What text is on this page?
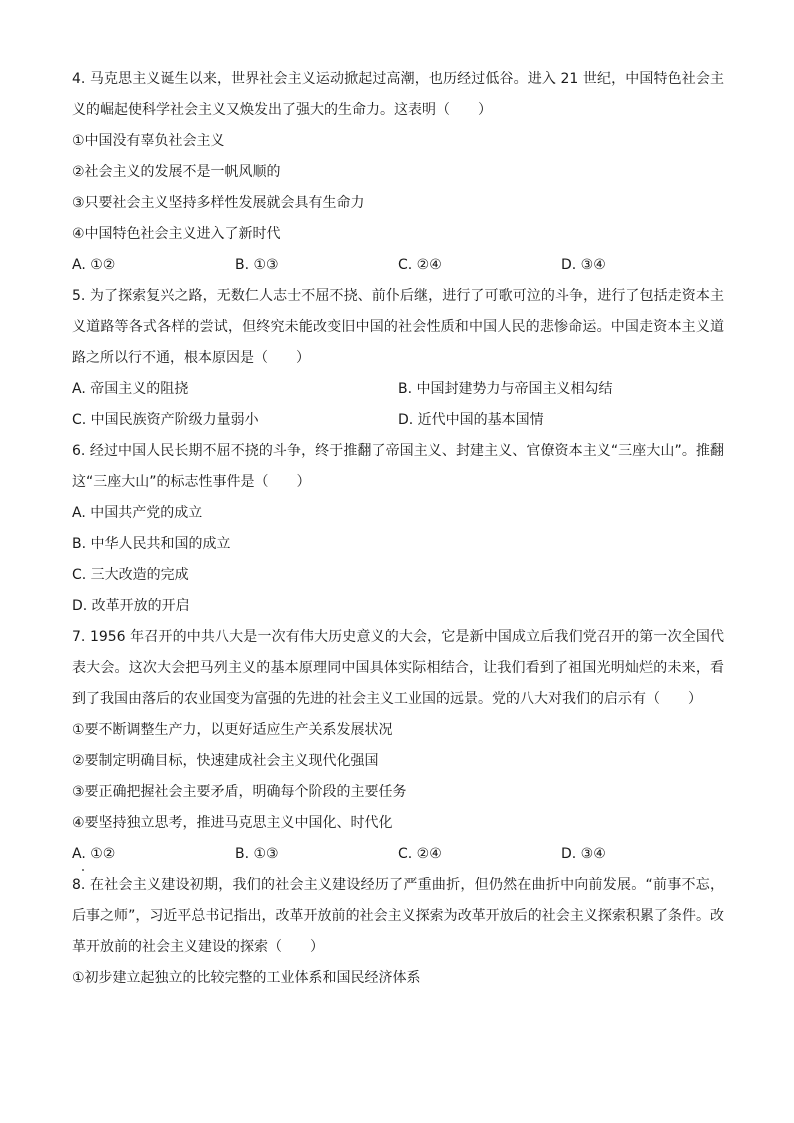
4. 马克思主义诞生以来，世界社会主义运动掀起过高潮，也历经过低谷。进入 21 世纪，中国特色社会主义的崛起使科学社会主义又焕发出了强大的生命力。这表明（　　）
①中国没有辜负社会主义
②社会主义的发展不是一帆风顺的
③只要社会主义坚持多样性发展就会具有生命力
④中国特色社会主义进入了新时代
A. ①②	B. ①③	C. ②④	D. ③④
5. 为了探索复兴之路，无数仁人志士不屈不挠、前仆后继，进行了可歌可泣的斗争，进行了包括走资本主义道路等各式各样的尝试，但终究未能改变旧中国的社会性质和中国人民的悲惨命运。中国走资本主义道路之所以行不通，根本原因是（　　）
A. 帝国主义的阻挠	B. 中国封建势力与帝国主义相勾结
C. 中国民族资产阶级力量弱小	D. 近代中国的基本国情
6. 经过中国人民长期不屈不挠的斗争，终于推翻了帝国主义、封建主义、官僚资本主义“三座大山”。推翻这“三座大山”的标志性事件是（　　）
A. 中国共产党的成立
B. 中华人民共和国的成立
C. 三大改造的完成
D. 改革开放的开启
7. 1956 年召开的中共八大是一次有伟大历史意义的大会，它是新中国成立后我们党召开的第一次全国代表大会。这次大会把马列主义的基本原理同中国具体实际相结合，让我们看到了祖国光明灿烂的未来，看到了我国由落后的农业国变为富强的先进的社会主义工业国的远景。党的八大对我们的启示有（　　）
①要不断调整生产力，以更好适应生产关系发展状况
②要制定明确目标，快速建成社会主义现代化强国
③要正确把握社会主要矛盾，明确每个阶段的主要任务
④要坚持独立思考，推进马克思主义中国化、时代化
A. ①②	B. ①③	C. ②④	D. ③④
8. 在社会主义建设初期，我们的社会主义建设经历了严重曲折，但仍然在曲折中向前发展。“前事不忘，后事之师”，习近平总书记指出，改革开放前的社会主义探索为改革开放后的社会主义探索积累了条件。改革开放前的社会主义建设的探索（　　）
①初步建立起独立的比较完整的工业体系和国民经济体系
